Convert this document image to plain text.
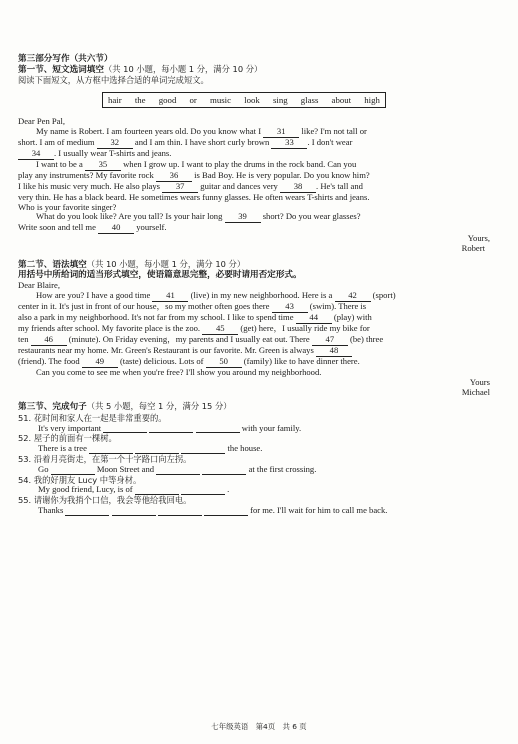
第三部分写作（共六节）
第一节、短文选词填空（共 10 小题，每小题 1 分，满分 10 分）
阅读下面短文，从方框中选择合适的单词完成短文。
hair the good or music look sing glass about high

Dear Pen Pal,

My name is Robert. I am fourteen years old. Do you know what I 31 like? I'm not tall or

short. I am of medium 32 and I am thin. I have short curly brown 33 . I don't wear

34 . I usually wear T-shirts and jeans.

I want to be a 35 when I grow up. I want to play the drums in the rock band. Can you

play any instruments? My favorite rock 36 is Bad Boy. He is very popular. Do you know him?

I like his music very much. He also plays 37 guitar and dances very 38 . He's tall and

very thin. He has a black beard. He sometimes wears funny glasses. He often wears T-shirts and jeans.

Who is your favorite singer?

What do you look like? Are you tall? Is your hair long 39 short? Do you wear glasses?

Write soon and tell me 40 yourself.

Yours,

Robert

第二节、语法填空（共 10 小题，每小题 1 分，满分 10 分）
用括号中所给词的适当形式填空，使语篇意思完整，必要时请用否定形式。

Dear Blaire,

How are you? I have a good time 41 (live) in my new neighborhood. Here is a 42 (sport)

center in it. It's just in front of our house，so my mother often goes there 43 (swim). There is

also a park in my neighborhood. It's not far from my school. I like to spend time 44 (play) with

my friends after school. My favorite place is the zoo. 45 (get) here，I usually ride my bike for

ten 46 (minute). On Friday evening，my parents and I usually eat out. There 47 (be) three

restaurants near my home. Mr. Green's Restaurant is our favorite. Mr. Green is always 48

(friend). The food 49 (taste) delicious. Lots of 50 (family) like to have dinner there.

Can you come to see me when you're free? I'll show you around my neighborhood.

Yours

Michael

第三节、完成句子（共 5 小题，每空 1 分，满分 15 分）

51. 花时间和家人在一起是非常重要的。

It's very important	with your family.

52. 屋子的前面有一棵树。

There is a tree	the house.

53. 沿着月亮街走，在第一个十字路口向左拐。

Go	Moon Street and	at the first crossing.

54. 我的好朋友 Lucy 中等身材。

My good friend, Lucy, is of	.

55. 请谢你为我捎个口信，我会等他给我回电。

Thanks	for me. I'll wait for him to call me back.

七年级英语　第4页　共 6 页
